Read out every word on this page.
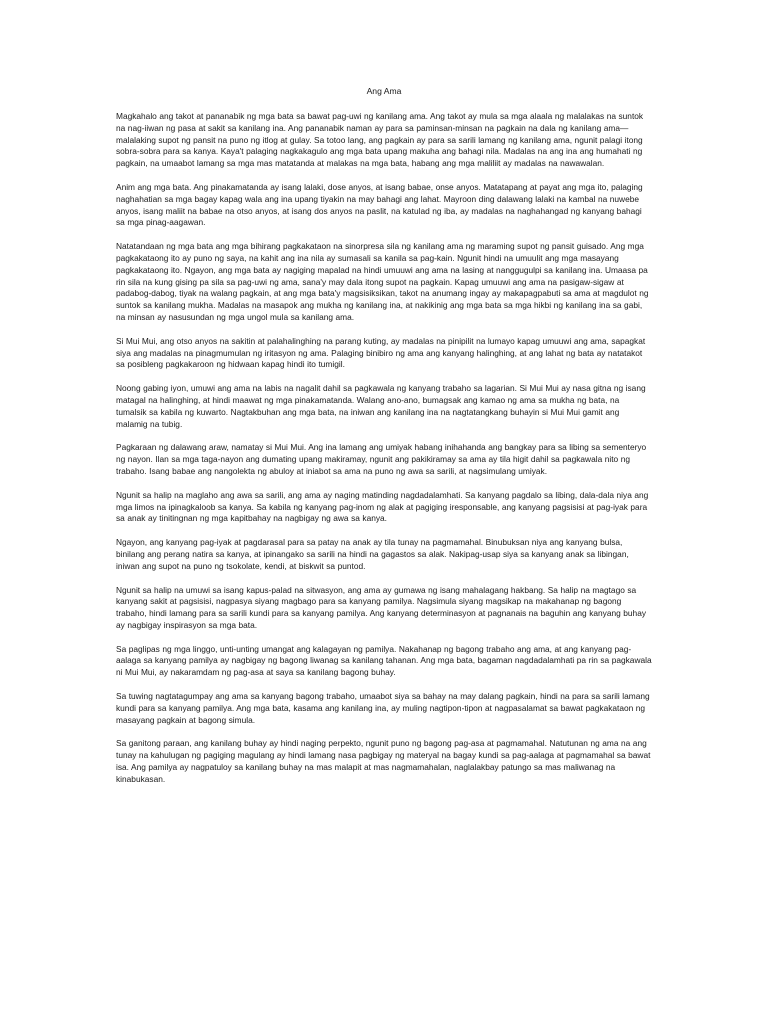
Ang Ama

Magkahalo ang takot at pananabik ng mga bata sa bawat pag-uwi ng kanilang ama. Ang takot ay mula sa mga alaala ng malalakas na suntok na nag-iiwan ng pasa at sakit sa kanilang ina. Ang pananabik naman ay para sa paminsan-minsan na pagkain na dala ng kanilang ama—malalaking supot ng pansit na puno ng itlog at gulay. Sa totoo lang, ang pagkain ay para sa sarili lamang ng kanilang ama, ngunit palagi itong sobra-sobra para sa kanya. Kaya't palaging nagkakagulo ang mga bata upang makuha ang bahagi nila. Madalas na ang ina ang humahati ng pagkain, na umaabot lamang sa mga mas matatanda at malakas na mga bata, habang ang mga maliliit ay madalas na nawawalan.

Anim ang mga bata. Ang pinakamatanda ay isang lalaki, dose anyos, at isang babae, onse anyos. Matatapang at payat ang mga ito, palaging naghahatian sa mga bagay kapag wala ang ina upang tiyakin na may bahagi ang lahat. Mayroon ding dalawang lalaki na kambal na nuwebe anyos, isang maliit na babae na otso anyos, at isang dos anyos na paslit, na katulad ng iba, ay madalas na naghahangad ng kanyang bahagi sa mga pinag-aagawan.

Natatandaan ng mga bata ang mga bihirang pagkakataon na sinorpresa sila ng kanilang ama ng maraming supot ng pansit guisado. Ang mga pagkakataong ito ay puno ng saya, na kahit ang ina nila ay sumasali sa kanila sa pag-kain. Ngunit hindi na umuulit ang mga masayang pagkakataong ito. Ngayon, ang mga bata ay nagiging mapalad na hindi umuuwi ang ama na lasing at nanggugulpi sa kanilang ina. Umaasa pa rin sila na kung gising pa sila sa pag-uwi ng ama, sana'y may dala itong supot na pagkain. Kapag umuuwi ang ama na pasigaw-sigaw at padabog-dabog, tiyak na walang pagkain, at ang mga bata'y magsisiksikan, takot na anumang ingay ay makapagpabuti sa ama at magdulot ng suntok sa kanilang mukha. Madalas na masapok ang mukha ng kanilang ina, at nakikinig ang mga bata sa mga hikbi ng kanilang ina sa gabi, na minsan ay nasusundan ng mga ungol mula sa kanilang ama.

Si Mui Mui, ang otso anyos na sakitin at palahalinghing na parang kuting, ay madalas na pinipilit na lumayo kapag umuuwi ang ama, sapagkat siya ang madalas na pinagmumulan ng iritasyon ng ama. Palaging binibiro ng ama ang kanyang halinghing, at ang lahat ng bata ay natatakot sa posibleng pagkakaroon ng hidwaan kapag hindi ito tumigil.

Noong gabing iyon, umuwi ang ama na labis na nagalit dahil sa pagkawala ng kanyang trabaho sa lagarian. Si Mui Mui ay nasa gitna ng isang matagal na halinghing, at hindi maawat ng mga pinakamatanda. Walang ano-ano, bumagsak ang kamao ng ama sa mukha ng bata, na tumalsik sa kabila ng kuwarto. Nagtakbuhan ang mga bata, na iniwan ang kanilang ina na nagtatangkang buhayin si Mui Mui gamit ang malamig na tubig.

Pagkaraan ng dalawang araw, namatay si Mui Mui. Ang ina lamang ang umiyak habang inihahanda ang bangkay para sa libing sa sementeryo ng nayon. Ilan sa mga taga-nayon ang dumating upang makiramay, ngunit ang pakikiramay sa ama ay tila higit dahil sa pagkawala nito ng trabaho. Isang babae ang nangolekta ng abuloy at iniabot sa ama na puno ng awa sa sarili, at nagsimulang umiyak.

Ngunit sa halip na maglaho ang awa sa sarili, ang ama ay naging matinding nagdadalamhati. Sa kanyang pagdalo sa libing, dala-dala niya ang mga limos na ipinagkaloob sa kanya. Sa kabila ng kanyang pag-inom ng alak at pagiging iresponsable, ang kanyang pagsisisi at pag-iyak para sa anak ay tinitingnan ng mga kapitbahay na nagbigay ng awa sa kanya.

Ngayon, ang kanyang pag-iyak at pagdarasal para sa patay na anak ay tila tunay na pagmamahal. Binubuksan niya ang kanyang bulsa, binilang ang perang natira sa kanya, at ipinangako sa sarili na hindi na gagastos sa alak. Nakipag-usap siya sa kanyang anak sa libingan, iniwan ang supot na puno ng tsokolate, kendi, at biskwit sa puntod.

Ngunit sa halip na umuwi sa isang kapus-palad na sitwasyon, ang ama ay gumawa ng isang mahalagang hakbang. Sa halip na magtago sa kanyang sakit at pagsisisi, nagpasya siyang magbago para sa kanyang pamilya. Nagsimula siyang magsikap na makahanap ng bagong trabaho, hindi lamang para sa sarili kundi para sa kanyang pamilya. Ang kanyang determinasyon at pagnanais na baguhin ang kanyang buhay ay nagbigay inspirasyon sa mga bata.

Sa paglipas ng mga linggo, unti-unting umangat ang kalagayan ng pamilya. Nakahanap ng bagong trabaho ang ama, at ang kanyang pag-aalaga sa kanyang pamilya ay nagbigay ng bagong liwanag sa kanilang tahanan. Ang mga bata, bagaman nagdadalamhati pa rin sa pagkawala ni Mui Mui, ay nakaramdam ng pag-asa at saya sa kanilang bagong buhay.

Sa tuwing nagtatagumpay ang ama sa kanyang bagong trabaho, umaabot siya sa bahay na may dalang pagkain, hindi na para sa sarili lamang kundi para sa kanyang pamilya. Ang mga bata, kasama ang kanilang ina, ay muling nagtipon-tipon at nagpasalamat sa bawat pagkakataon ng masayang pagkain at bagong simula.

Sa ganitong paraan, ang kanilang buhay ay hindi naging perpekto, ngunit puno ng bagong pag-asa at pagmamahal. Natutunan ng ama na ang tunay na kahulugan ng pagiging magulang ay hindi lamang nasa pagbigay ng materyal na bagay kundi sa pag-aalaga at pagmamahal sa bawat isa. Ang pamilya ay nagpatuloy sa kanilang buhay na mas malapit at mas nagmamahalan, naglalakbay patungo sa mas maliwanag na kinabukasan.
